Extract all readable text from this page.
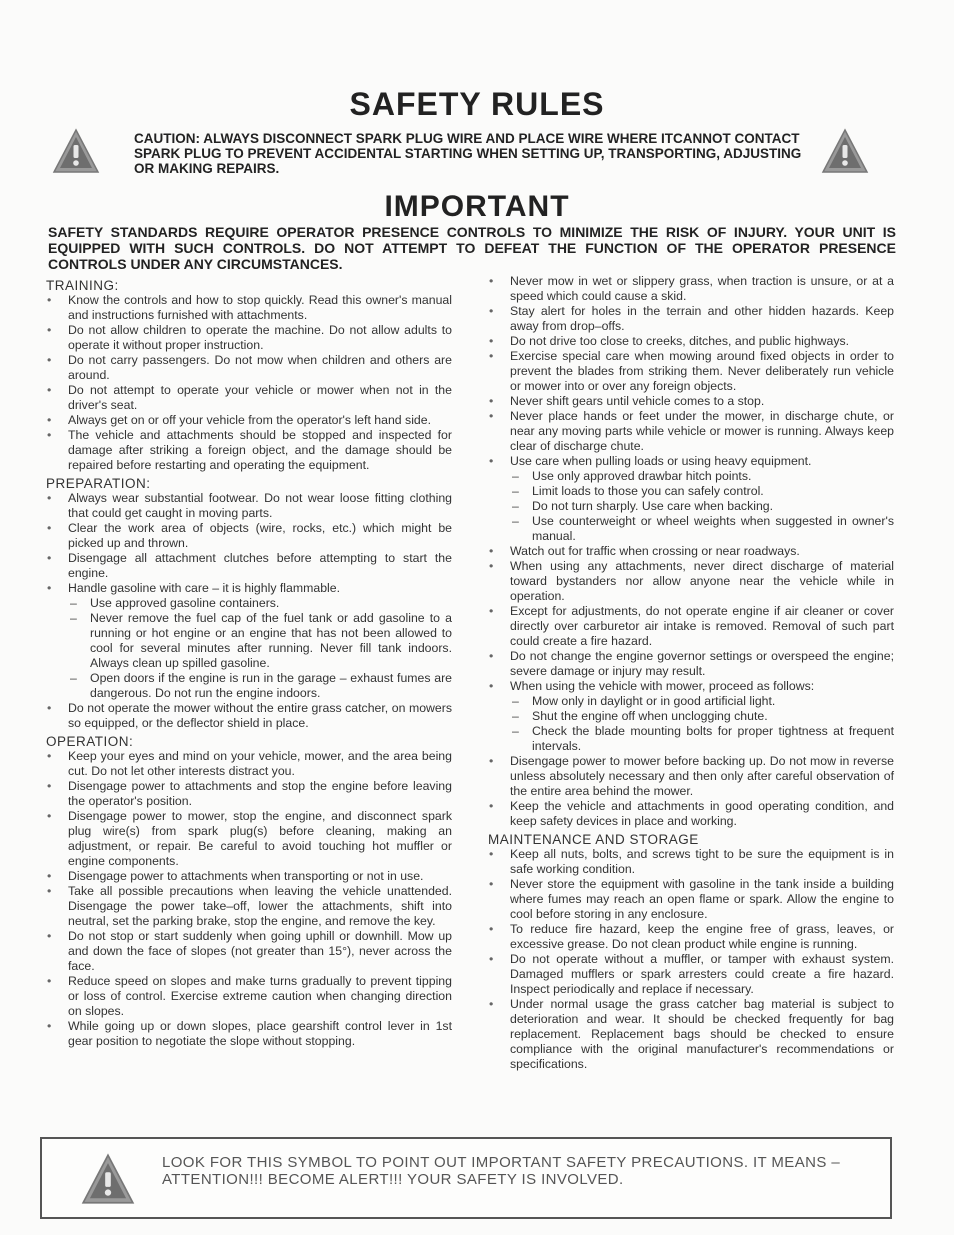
SAFETY RULES
CAUTION: ALWAYS DISCONNECT SPARK PLUG WIRE AND PLACE WIRE WHERE ITCANNOT CONTACT SPARK PLUG TO PREVENT ACCIDENTAL STARTING WHEN SETTING UP, TRANSPORTING, ADJUSTING OR MAKING REPAIRS.
IMPORTANT
SAFETY STANDARDS REQUIRE OPERATOR PRESENCE CONTROLS TO MINIMIZE THE RISK OF INJURY. YOUR UNIT IS EQUIPPED WITH SUCH CONTROLS. DO NOT ATTEMPT TO DEFEAT THE FUNCTION OF THE OPERATOR PRESENCE CONTROLS UNDER ANY CIRCUMSTANCES.
TRAINING:
• Know the controls and how to stop quickly. Read this owner's manual and instructions furnished with attachments.
• Do not allow children to operate the machine. Do not allow adults to operate it without proper instruction.
• Do not carry passengers. Do not mow when children and others are around.
• Do not attempt to operate your vehicle or mower when not in the driver's seat.
• Always get on or off your vehicle from the operator's left hand side.
• The vehicle and attachments should be stopped and inspected for damage after striking a foreign object, and the damage should be repaired before restarting and operating the equipment.
PREPARATION:
• Always wear substantial footwear. Do not wear loose fitting clothing that could get caught in moving parts.
• Clear the work area of objects (wire, rocks, etc.) which might be picked up and thrown.
• Disengage all attachment clutches before attempting to start the engine.
• Handle gasoline with care – it is highly flammable.
– Use approved gasoline containers.
– Never remove the fuel cap of the fuel tank or add gasoline to a running or hot engine or an engine that has not been allowed to cool for several minutes after running. Never fill tank indoors. Always clean up spilled gasoline.
– Open doors if the engine is run in the garage – exhaust fumes are dangerous. Do not run the engine indoors.
• Do not operate the mower without the entire grass catcher, on mowers so equipped, or the deflector shield in place.
OPERATION:
• Keep your eyes and mind on your vehicle, mower, and the area being cut. Do not let other interests distract you.
• Disengage power to attachments and stop the engine before leaving the operator's position.
• Disengage power to mower, stop the engine, and disconnect spark plug wire(s) from spark plug(s) before cleaning, making an adjustment, or repair. Be careful to avoid touching hot muffler or engine components.
• Disengage power to attachments when transporting or not in use.
• Take all possible precautions when leaving the vehicle unattended. Disengage the power take–off, lower the attachments, shift into neutral, set the parking brake, stop the engine, and remove the key.
• Do not stop or start suddenly when going uphill or downhill. Mow up and down the face of slopes (not greater than 15°), never across the face.
• Reduce speed on slopes and make turns gradually to prevent tipping or loss of control. Exercise extreme caution when changing direction on slopes.
• While going up or down slopes, place gearshift control lever in 1st gear position to negotiate the slope without stopping.
• Never mow in wet or slippery grass, when traction is unsure, or at a speed which could cause a skid.
• Stay alert for holes in the terrain and other hidden hazards. Keep away from drop–offs.
• Do not drive too close to creeks, ditches, and public highways.
• Exercise special care when mowing around fixed objects in order to prevent the blades from striking them. Never deliberately run vehicle or mower into or over any foreign objects.
• Never shift gears until vehicle comes to a stop.
• Never place hands or feet under the mower, in discharge chute, or near any moving parts while vehicle or mower is running. Always keep clear of discharge chute.
• Use care when pulling loads or using heavy equipment.
– Use only approved drawbar hitch points.
– Limit loads to those you can safely control.
– Do not turn sharply. Use care when backing.
– Use counterweight or wheel weights when suggested in owner's manual.
• Watch out for traffic when crossing or near roadways.
• When using any attachments, never direct discharge of material toward bystanders nor allow anyone near the vehicle while in operation.
• Except for adjustments, do not operate engine if air cleaner or cover directly over carburetor air intake is removed. Removal of such part could create a fire hazard.
• Do not change the engine governor settings or overspeed the engine; severe damage or injury may result.
• When using the vehicle with mower, proceed as follows:
– Mow only in daylight or in good artificial light.
– Shut the engine off when unclogging chute.
– Check the blade mounting bolts for proper tightness at frequent intervals.
• Disengage power to mower before backing up. Do not mow in reverse unless absolutely necessary and then only after careful observation of the entire area behind the mower.
• Keep the vehicle and attachments in good operating condition, and keep safety devices in place and working.
MAINTENANCE AND STORAGE
• Keep all nuts, bolts, and screws tight to be sure the equipment is in safe working condition.
• Never store the equipment with gasoline in the tank inside a building where fumes may reach an open flame or spark. Allow the engine to cool before storing in any enclosure.
• To reduce fire hazard, keep the engine free of grass, leaves, or excessive grease. Do not clean product while engine is running.
• Do not operate without a muffler, or tamper with exhaust system. Damaged mufflers or spark arresters could create a fire hazard. Inspect periodically and replace if necessary.
• Under normal usage the grass catcher bag material is subject to deterioration and wear. It should be checked frequently for bag replacement. Replacement bags should be checked to ensure compliance with the original manufacturer's recommendations or specifications.
LOOK FOR THIS SYMBOL TO POINT OUT IMPORTANT SAFETY PRECAUTIONS. IT MEANS – ATTENTION!!! BECOME ALERT!!! YOUR SAFETY IS INVOLVED.
